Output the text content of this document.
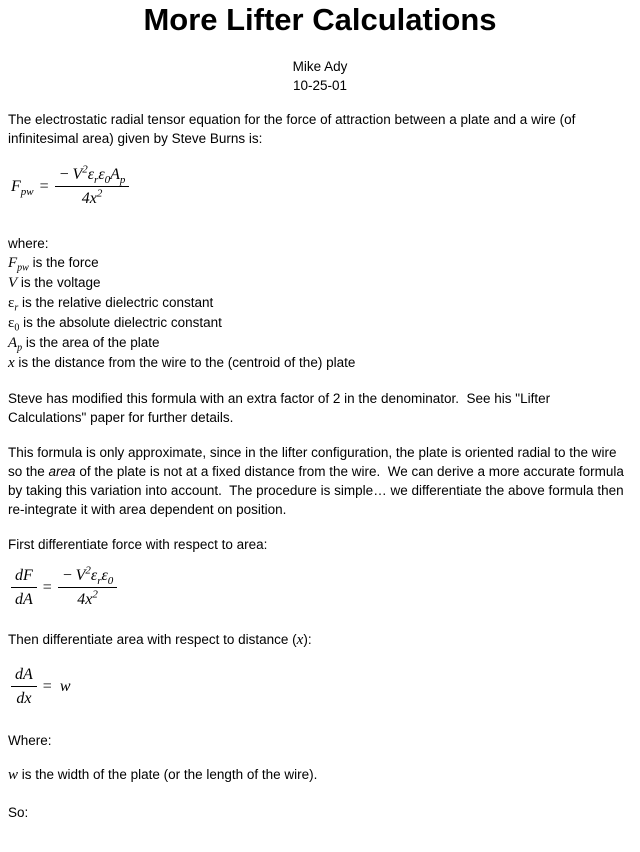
More Lifter Calculations
Mike Ady
10-25-01

The electrostatic radial tensor equation for the force of attraction between a plate and a wire (of infinitesimal area) given by Steve Burns is:

$F_{pw} = \frac{- V^2\varepsilon_r\varepsilon_0A_p}{4x^2}$
where:
$F_{pw}$ is the force
V is the voltage
$\varepsilon_r$ is the relative dielectric constant
$\varepsilon_0$ is the absolute dielectric constant
$A_p$ is the area of the plate
x is the distance from the wire to the (centroid of the) plate

Steve has modified this formula with an extra factor of 2 in the denominator.  See his "Lifter Calculations" paper for further details.

This formula is only approximate, since in the lifter configuration, the plate is oriented radial to the wire so the area of the plate is not at a fixed distance from the wire.  We can derive a more accurate formula by taking this variation into account.  The procedure is simple… we differentiate the above formula then re-integrate it with area dependent on position.

First differentiate force with respect to area:

$\frac{dF}{dA} = \frac{- V^2\varepsilon_r\varepsilon_0}{4x^2}$

Then differentiate area with respect to distance (x):

$\frac{dA}{dx} = w$

Where:

w is the width of the plate (or the length of the wire).

So:
